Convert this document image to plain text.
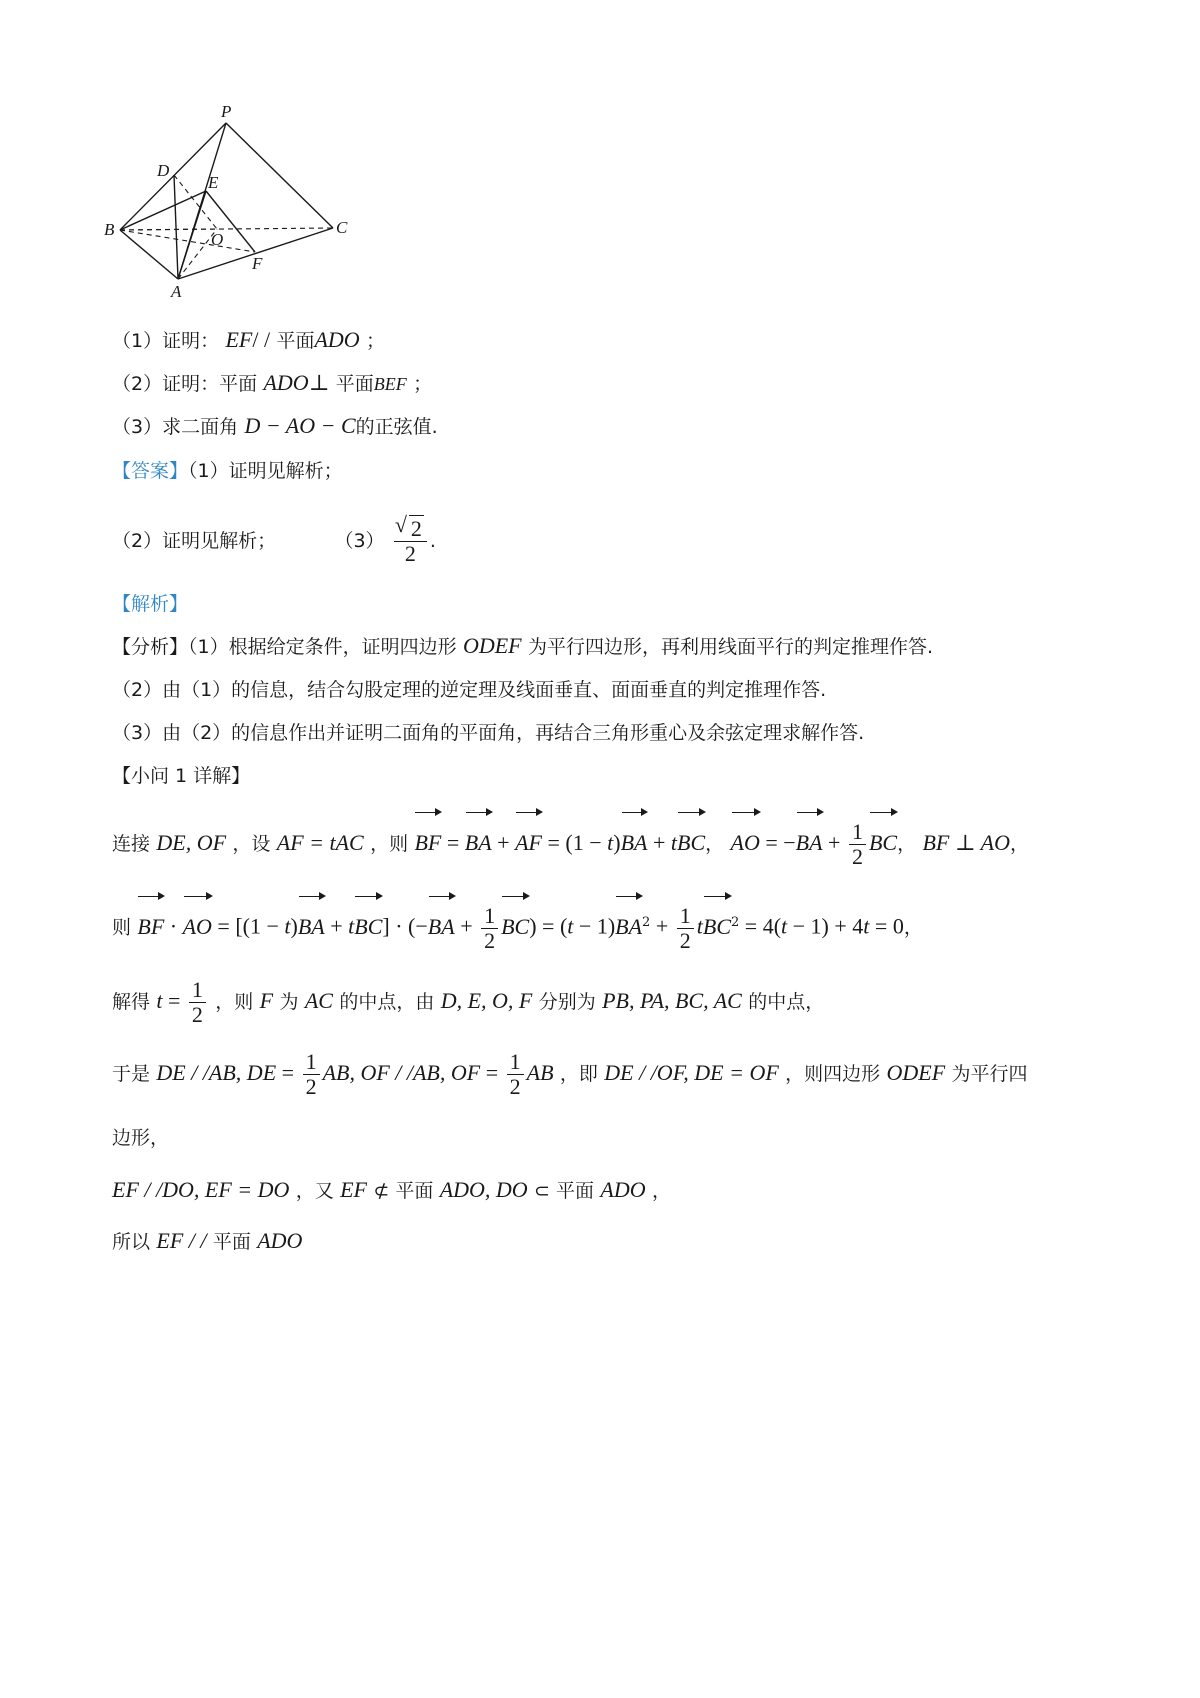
P
D
E
B
O
C
F
A
（1）证明： EF/ / 平面ADO ；
（2）证明：平面 ADO⊥ 平面BEF ；
（3）求二面角 D − AO − C的正弦值.
【答案】（1）证明见解析；
（2）证明见解析；	（3）
√ $\frac{2}{2}$ .
【解析】
【分析】（1）根据给定条件，证明四边形 ODEF 为平行四边形，再利用线面平行的判定推理作答.
（2）由（1）的信息，结合勾股定理的逆定理及线面垂直、面面垂直的判定推理作答.
（3）由（2）的信息作出并证明二面角的平面角，再结合三角形重心及余弦定理求解作答.
【小问 1 详解】
连接 DE, OF ，设 AF = tAC ，则 BF = BA + AF = (1 − t)BA + tBC， AO = $-BA + \frac{1}{2}$ BC， BF ⊥ AO，
则 BF · AO = $[(1 - t)BA + tBC] \cdot (-BA + \frac{1}{2} BC) = (t - 1)BA^2 + \frac{1}{2} tBC^2 = 4(t - 1) + 4t = 0$，
解得 $t = \frac{1}{2}$ ，则 F 为 AC 的中点，由 D, E, O, F 分别为 PB, PA, BC, AC 的中点，
于是 DE / /AB, DE = $\frac{1}{2}$ AB, OF / /AB, OF = $\frac{1}{2}$ AB ，即 DE / /OF, DE = OF ，则四边形 ODEF 为平行四
边形，
EF / /DO, EF = DO ，又 EF ⊄ 平面 ADO, DO ⊂ 平面 ADO ，
所以 EF / / 平面 ADO
